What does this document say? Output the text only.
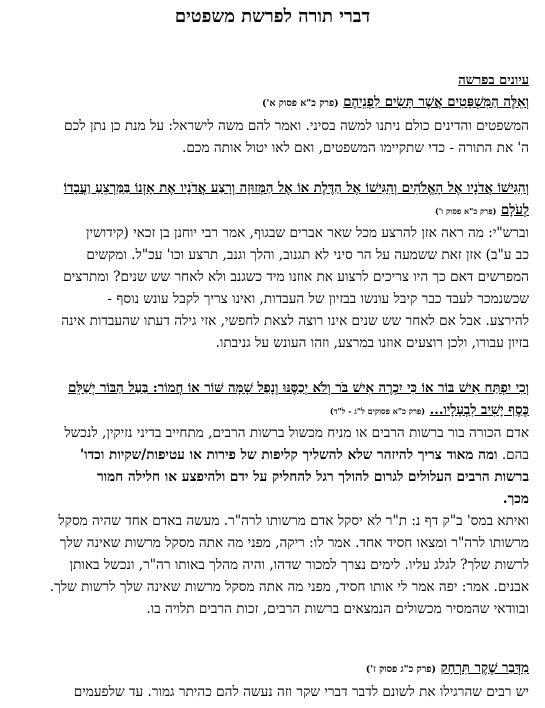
דברי תורה לפרשת משפטים
עיונים בפרשה
וְאֵלֶּה הַמִּשְׁפָּטִים אֲשֶׁר תָּשִׂים לִפְנֵיהֶם (פרק כ"א פסוק א')
המשפטים והדינים כולם ניתנו למשה בסיני. ואמר להם משה לישראל: על מנת כן נתן לכם
ה' את התורה - כדי שתקיימו המשפטים, ואם לאו יטול אותה מכם.
וְהִגִּישׁוֹ אֲדֹנָיו אֶל הָאֱלֹהִים וְהִגִּישׁוֹ אֶל הַדֶּלֶת אוֹ אֶל הַמְּזוּזָה וְרָצַע אֲדֹנָיו אֶת אָזְנוֹ בַּמַּרְצֵעַ וַעֲבָדוֹ
לְעֹלָם (פרק כ"א פסוק ו')
וברש"י: מה ראה אזן להרצע מכל שאר אברים שבגוף, אמר רבי יוחנן בן זכאי (קידושין
כב ע"ב) אזן זאת ששמעה על הר סיני לא תגנוב, והלך וגנב, תרצע וכו' עכ"ל. ומקשים
המפרשים דאם כך היו צריכים לרצוע את אוזנו מיד כשגנב ולא לאחר שש שנים? ומתרצים
שכשנמכר לעבד כבר קיבל עונשו בבזיון של העבדות, ואינו צריך לקבל עונש נוסף -
להירצע. אבל אם לאחר שש שנים אינו רוצה לצאת לחפשי, אזי גילה דעתו שהעבדות אינה
בזיון עבורו, ולכן רוצעים אוזנו במרצע, וזהו העונש על גניבתו.
וְכִי יִפְתַּח אִישׁ בּוֹר אוֹ כִּי יִכְרֶה אִישׁ בֹּר וְלֹא יְכַסֶּנּוּ וְנָפַל שָׁמָּה שּׁוֹר אוֹ חֲמוֹר: בַּעַל הַבּוֹר יְשַׁלֵּם
כֶּסֶף יָשִׁיב לִבְעָלָיו... (פרק כ"א פסוקים ל"ג - ל"ד)
אדם הכורה בור ברשות הרבים או מניח מכשול ברשות הרבים, מתחייב בדיני נזיקין, לנכשל
בהם. ומה מאוד צריך להיזהר שלא להשליך קליפות של פירות או עטיפות/שקיות וכדו'
ברשות הרבים העלולים לגרום להולך רגל להחליק על ידם ולהיפצע או חלילה חמור
מכך.
ואיתא במס' ב"ק דף נ: ת"ר לא יסקל אדם מרשותו לרה"ר. מעשה באדם אחד שהיה מסקל
מרשותו לרה"ר ומצאו חסיד אחד. אמר לו: ריקה, מפני מה אתה מסקל מרשות שאינה שלך
לרשות שלך? לגלג עליו. לימים נצרך למכור שדהו, והיה מהלך באותו רה"ר, ונכשל באותן
אבנים. אמר: יפה אמר לי אותו חסיד, מפני מה אתה מסקל מרשות שאינה שלך לרשות שלך.
ובוודאי שהמסיר מכשולים הנמצאים ברשות הרבים, זכות הרבים תלויה בו.
מִדְּבַר שֶׁקֶר תִּרְחָק (פרק כ"ג פסוק ז')
יש רבים שהרגילו את לשונם לדבר דברי שקר וזה נעשה להם כהיתר גמור. עד שלפעמים
